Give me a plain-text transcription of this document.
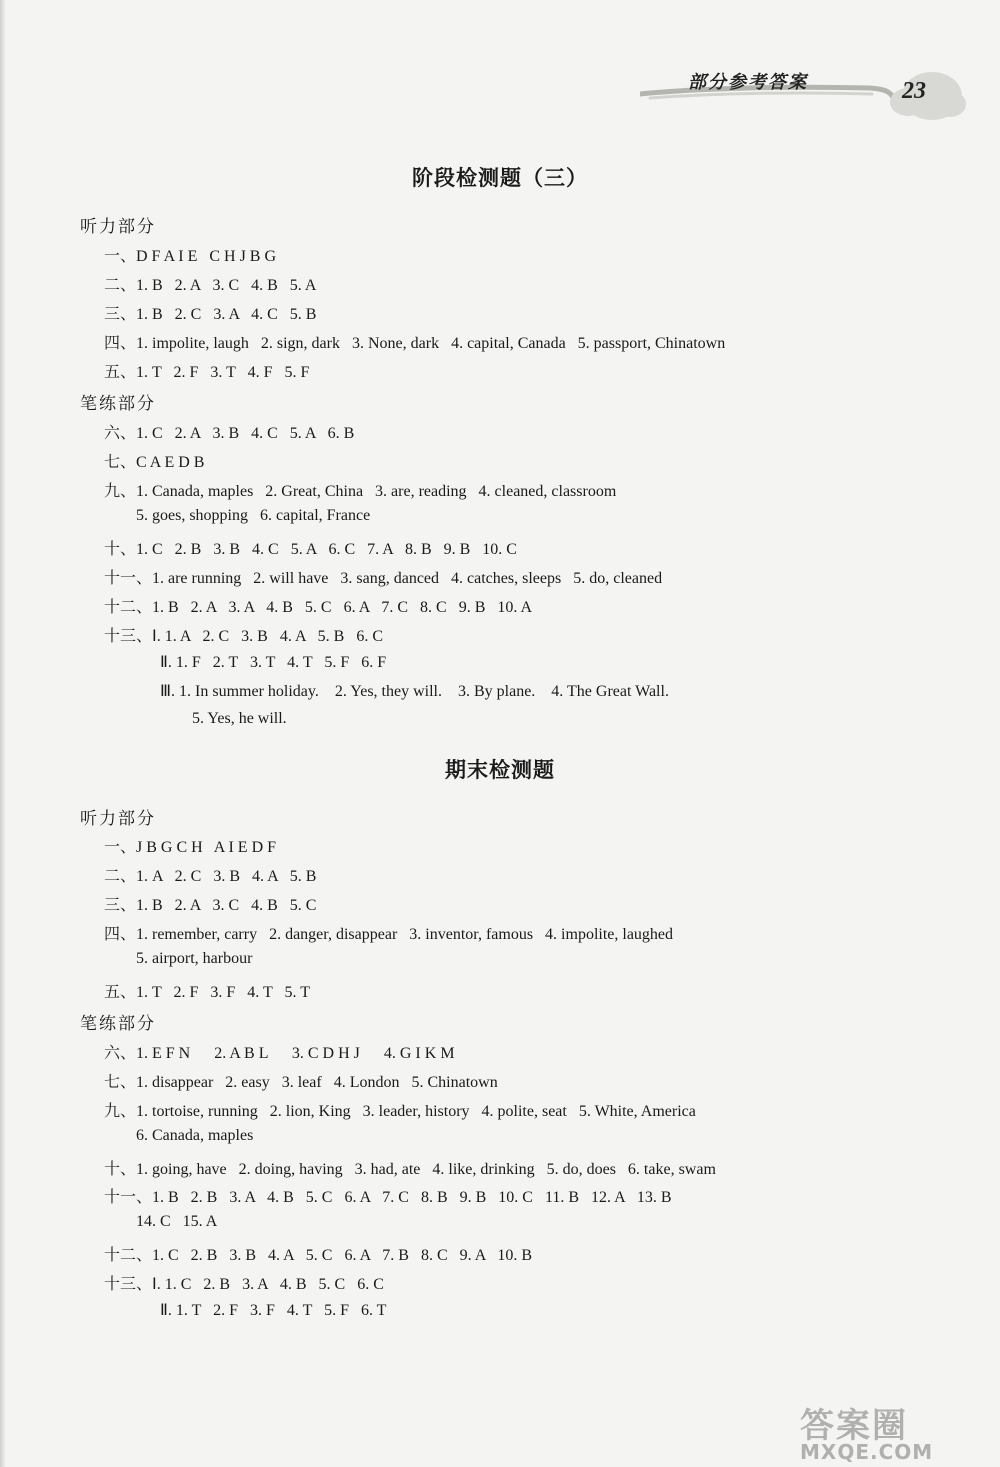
部分参考答案	23
阶段检测题（三）
听力部分
一、D F A I E   C H J B G
二、1. B   2. A   3. C   4. B   5. A
三、1. B   2. C   3. A   4. C   5. B
四、1. impolite, laugh   2. sign, dark   3. None, dark   4. capital, Canada   5. passport, Chinatown
五、1. T   2. F   3. T   4. F   5. F
笔练部分
六、1. C   2. A   3. B   4. C   5. A   6. B
七、C A E D B
九、1. Canada, maples   2. Great, China   3. are, reading   4. cleaned, classroom
5. goes, shopping   6. capital, France
十、1. C   2. B   3. B   4. C   5. A   6. C   7. A   8. B   9. B   10. C
十一、1. are running   2. will have   3. sang, danced   4. catches, sleeps   5. do, cleaned
十二、1. B   2. A   3. A   4. B   5. C   6. A   7. C   8. C   9. B   10. A
十三、Ⅰ. 1. A   2. C   3. B   4. A   5. B   6. C
Ⅱ. 1. F   2. T   3. T   4. T   5. F   6. F
Ⅲ. 1. In summer holiday.    2. Yes, they will.    3. By plane.    4. The Great Wall.
5. Yes, he will.
期末检测题
听力部分
一、J B G C H   A I E D F
二、1. A   2. C   3. B   4. A   5. B
三、1. B   2. A   3. C   4. B   5. C
四、1. remember, carry   2. danger, disappear   3. inventor, famous   4. impolite, laughed
5. airport, harbour
五、1. T   2. F   3. F   4. T   5. T
笔练部分
六、1. E F N      2. A B L      3. C D H J      4. G I K M
七、1. disappear   2. easy   3. leaf   4. London   5. Chinatown
九、1. tortoise, running   2. lion, King   3. leader, history   4. polite, seat   5. White, America
6. Canada, maples
十、1. going, have   2. doing, having   3. had, ate   4. like, drinking   5. do, does   6. take, swam
十一、1. B   2. B   3. A   4. B   5. C   6. A   7. C   8. B   9. B   10. C   11. B   12. A   13. B
14. C   15. A
十二、1. C   2. B   3. B   4. A   5. C   6. A   7. B   8. C   9. A   10. B
十三、Ⅰ. 1. C   2. B   3. A   4. B   5. C   6. C
Ⅱ. 1. T   2. F   3. F   4. T   5. F   6. T
答案圈
MXQE.COM
